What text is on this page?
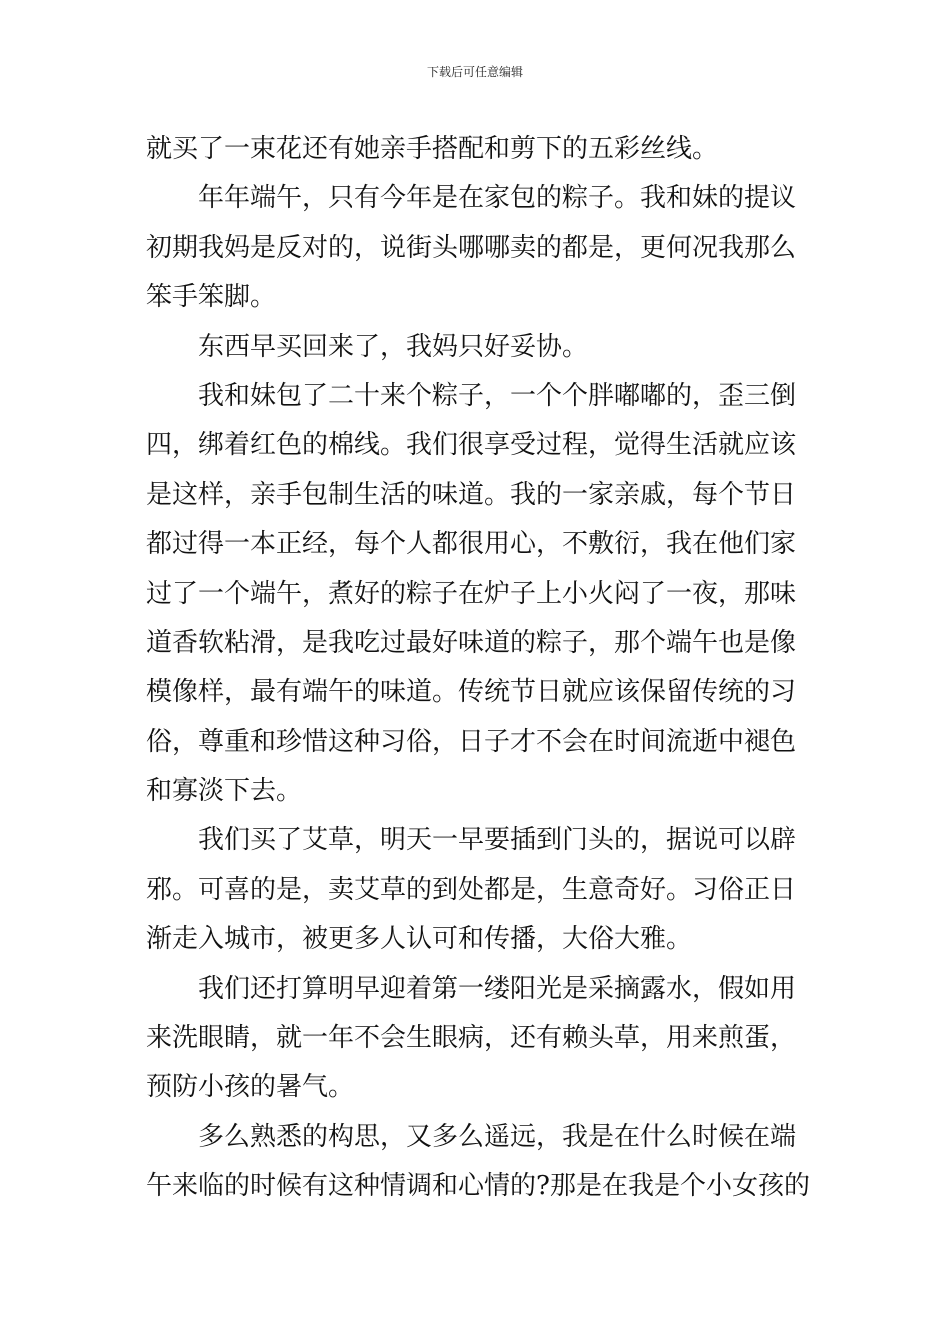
下载后可任意编辑
就买了一束花还有她亲手搭配和剪下的五彩丝线。
年年端午，只有今年是在家包的粽子。我和妹的提议
初期我妈是反对的，说街头哪哪卖的都是，更何况我那么
笨手笨脚。
东西早买回来了，我妈只好妥协。
我和妹包了二十来个粽子，一个个胖嘟嘟的，歪三倒
四，绑着红色的棉线。我们很享受过程，觉得生活就应该
是这样，亲手包制生活的味道。我的一家亲戚，每个节日
都过得一本正经，每个人都很用心，不敷衍，我在他们家
过了一个端午，煮好的粽子在炉子上小火闷了一夜，那味
道香软粘滑，是我吃过最好味道的粽子，那个端午也是像
模像样，最有端午的味道。传统节日就应该保留传统的习
俗，尊重和珍惜这种习俗，日子才不会在时间流逝中褪色
和寡淡下去。
我们买了艾草，明天一早要插到门头的，据说可以辟
邪。可喜的是，卖艾草的到处都是，生意奇好。习俗正日
渐走入城市，被更多人认可和传播，大俗大雅。
我们还打算明早迎着第一缕阳光是采摘露水，假如用
来洗眼睛，就一年不会生眼病，还有赖头草，用来煎蛋，
预防小孩的暑气。
多么熟悉的构思，又多么遥远，我是在什么时候在端
午来临的时候有这种情调和心情的?那是在我是个小女孩的
